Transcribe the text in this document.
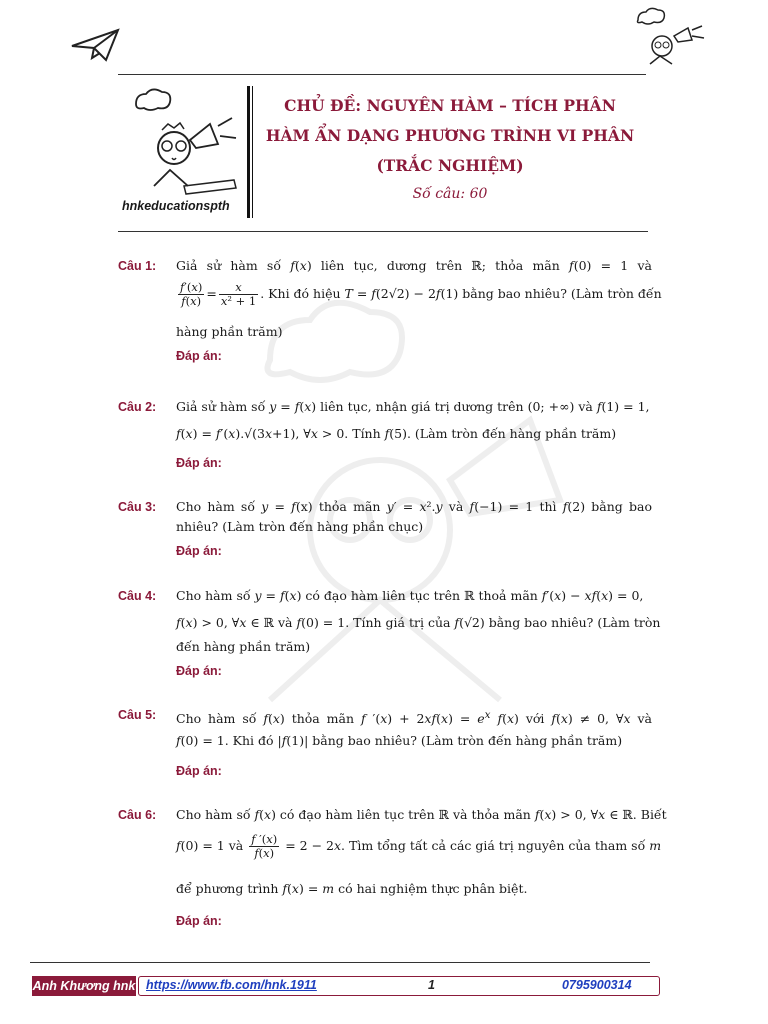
hnkeducationspth
CHỦ ĐỀ: NGUYÊN HÀM – TÍCH PHÂN
HÀM ẨN DẠNG PHƯƠNG TRÌNH VI PHÂN
(TRẮC NGHIỆM)
Số câu: 60
Câu 1: Giả sử hàm số f(x) liên tục, dương trên ℝ; thỏa mãn f(0) = 1 và
$\frac{f'(x)}{f(x)} = \frac{x}{\text{x² + 1}}$ . Khi đó hiệu T = f(2√2) − 2f(1) bằng bao nhiêu? (Làm tròn đến
hàng phần trăm)
Đáp án:
Câu 2: Giả sử hàm số y = f(x) liên tục, nhận giá trị dương trên (0; +∞) và f(1) = 1,
f(x) = f′(x).√(3x+1), ∀x > 0. Tính f(5). (Làm tròn đến hàng phần trăm)
Đáp án:
Câu 3: Cho hàm số y = f(x) thỏa mãn y′ = x².y và f(−1) = 1 thì f(2) bằng bao
nhiêu? (Làm tròn đến hàng phần chục)
Đáp án:
Câu 4: Cho hàm số y = f(x) có đạo hàm liên tục trên ℝ thoả mãn f′(x) − xf(x) = 0,
f(x) > 0, ∀x ∈ ℝ và f(0) = 1. Tính giá trị của f(√2) bằng bao nhiêu? (Làm tròn
đến hàng phần trăm)
Đáp án:
Câu 5: Cho hàm số f(x) thỏa mãn f $'(x) + 2xf(x) = e^x$ f(x) với f(x) ≠ 0, ∀x và
f(0) = 1. Khi đó |f(1)| bằng bao nhiêu? (Làm tròn đến hàng phần trăm)
Đáp án:
Câu 6: Cho hàm số f(x) có đạo hàm liên tục trên ℝ và thỏa mãn f(x) > 0, ∀x ∈ ℝ. Biết
f(0) = 1 và $\frac{f '(x)}{f(x)} = 2 - 2x$. Tìm tổng tất cả các giá trị nguyên của tham số m
để phương trình f(x) = m có hai nghiệm thực phân biệt.
Đáp án:
Anh Khương hnk https://www.fb.com/hnk.1911	1	0795900314
